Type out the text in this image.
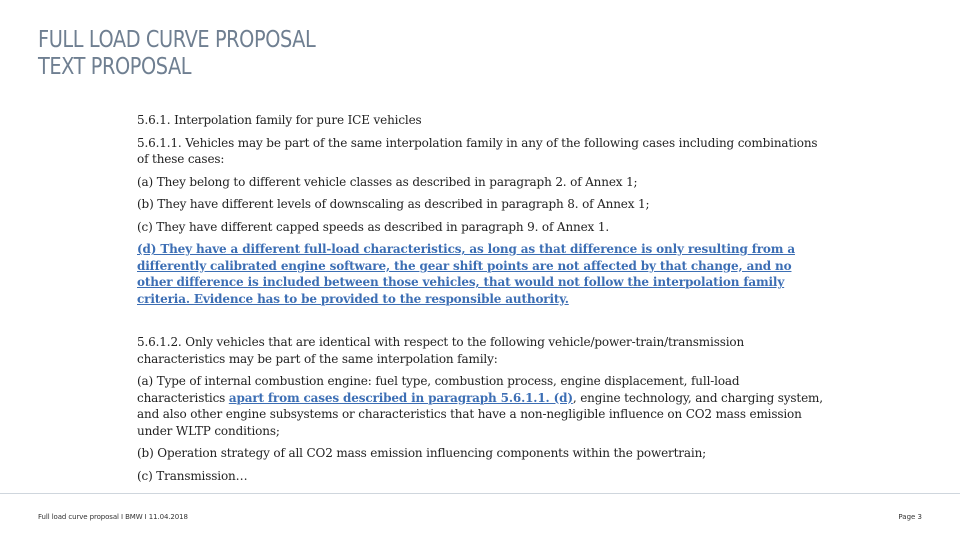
FULL LOAD CURVE PROPOSAL
TEXT PROPOSAL

5.6.1. Interpolation family for pure ICE vehicles

5.6.1.1. Vehicles may be part of the same interpolation family in any of the following cases including combinations of these cases:

(a) They belong to different vehicle classes as described in paragraph 2. of Annex 1;

(b) They have different levels of downscaling as described in paragraph 8. of Annex 1;

(c) They have different capped speeds as described in paragraph 9. of Annex 1.

(d) They have a different full-load characteristics, as long as that difference is only resulting from a differently calibrated engine software, the gear shift points are not affected by that change, and no other difference is included between those vehicles, that would not follow the interpolation family criteria. Evidence has to be provided to the responsible authority.

5.6.1.2. Only vehicles that are identical with respect to the following vehicle/power-train/transmission characteristics may be part of the same interpolation family:

(a) Type of internal combustion engine: fuel type, combustion process, engine displacement, full-load characteristics apart from cases described in paragraph 5.6.1.1. (d), engine technology, and charging system, and also other engine subsystems or characteristics that have a non-negligible influence on CO2 mass emission under WLTP conditions;

(b) Operation strategy of all CO2 mass emission influencing components within the powertrain;

(c) Transmission…

Full load curve proposal I BMW I 11.04.2018	Page 3
